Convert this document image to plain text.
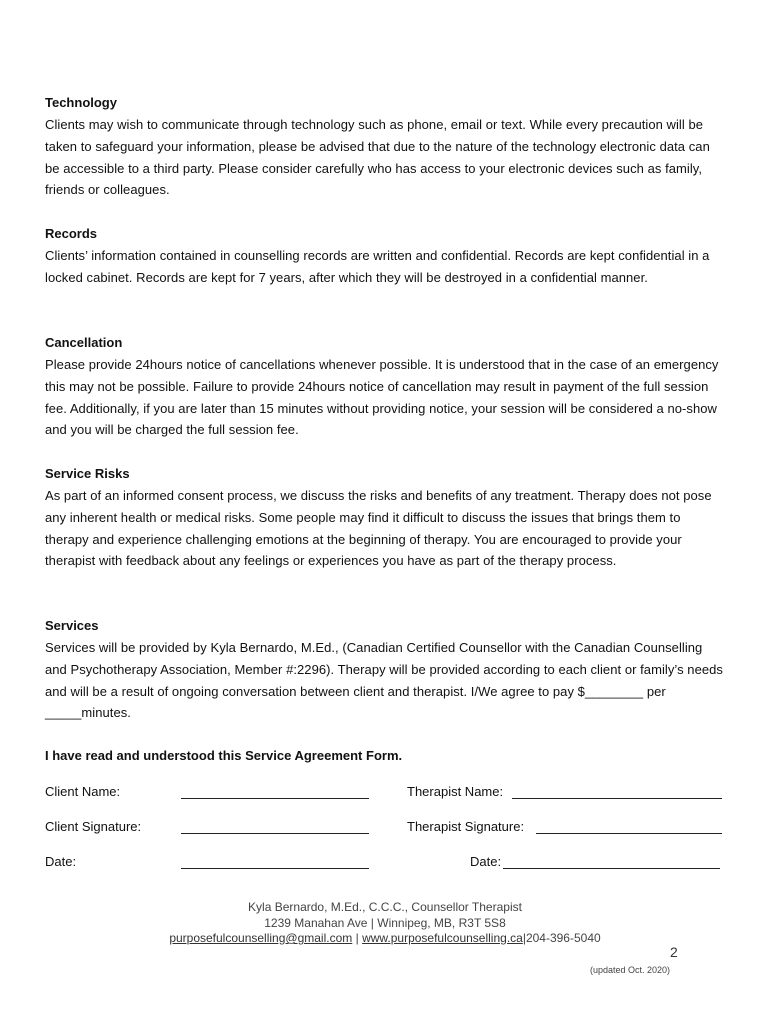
Technology
Clients may wish to communicate through technology such as phone, email or text. While every precaution will be taken to safeguard your information, please be advised that due to the nature of the technology electronic data can be accessible to a third party. Please consider carefully who has access to your electronic devices such as family, friends or colleagues.
Records
Clients’ information contained in counselling records are written and confidential. Records are kept confidential in a locked cabinet. Records are kept for 7 years, after which they will be destroyed in a confidential manner.
Cancellation
Please provide 24hours notice of cancellations whenever possible. It is understood that in the case of an emergency this may not be possible. Failure to provide 24hours notice of cancellation may result in payment of the full session fee. Additionally, if you are later than 15 minutes without providing notice, your session will be considered a no-show and you will be charged the full session fee.
Service Risks
As part of an informed consent process, we discuss the risks and benefits of any treatment. Therapy does not pose any inherent health or medical risks. Some people may find it difficult to discuss the issues that brings them to therapy and experience challenging emotions at the beginning of therapy. You are encouraged to provide your therapist with feedback about any feelings or experiences you have as part of the therapy process.
Services
Services will be provided by Kyla Bernardo, M.Ed., (Canadian Certified Counsellor with the Canadian Counselling and Psychotherapy Association, Member #:2296). Therapy will be provided according to each client or family’s needs and will be a result of ongoing conversation between client and therapist. I/We agree to pay $________ per _____minutes.
I have read and understood this Service Agreement Form.
Client Name:
Client Signature:
Date:
Therapist Name:
Therapist Signature:
Date:
Kyla Bernardo, M.Ed., C.C.C., Counsellor Therapist
1239 Manahan Ave | Winnipeg, MB, R3T 5S8
purposefulcounselling@gmail.com | www.purposefulcounselling.ca|204-396-5040
2
(updated Oct. 2020)
